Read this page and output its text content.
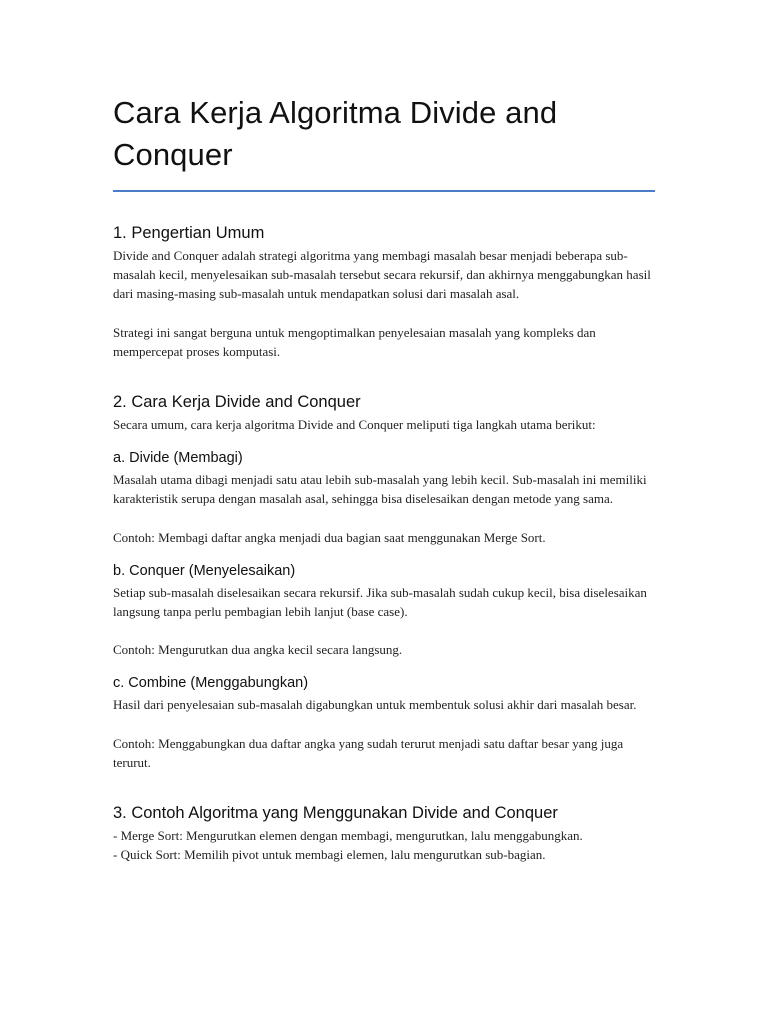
Cara Kerja Algoritma Divide and Conquer
1. Pengertian Umum

Divide and Conquer adalah strategi algoritma yang membagi masalah besar menjadi beberapa sub-masalah kecil, menyelesaikan sub-masalah tersebut secara rekursif, dan akhirnya menggabungkan hasil dari masing-masing sub-masalah untuk mendapatkan solusi dari masalah asal.

Strategi ini sangat berguna untuk mengoptimalkan penyelesaian masalah yang kompleks dan mempercepat proses komputasi.

2. Cara Kerja Divide and Conquer

Secara umum, cara kerja algoritma Divide and Conquer meliputi tiga langkah utama berikut:

a. Divide (Membagi)

Masalah utama dibagi menjadi satu atau lebih sub-masalah yang lebih kecil. Sub-masalah ini memiliki karakteristik serupa dengan masalah asal, sehingga bisa diselesaikan dengan metode yang sama.

Contoh: Membagi daftar angka menjadi dua bagian saat menggunakan Merge Sort.

b. Conquer (Menyelesaikan)

Setiap sub-masalah diselesaikan secara rekursif. Jika sub-masalah sudah cukup kecil, bisa diselesaikan langsung tanpa perlu pembagian lebih lanjut (base case).

Contoh: Mengurutkan dua angka kecil secara langsung.

c. Combine (Menggabungkan)

Hasil dari penyelesaian sub-masalah digabungkan untuk membentuk solusi akhir dari masalah besar.

Contoh: Menggabungkan dua daftar angka yang sudah terurut menjadi satu daftar besar yang juga terurut.

3. Contoh Algoritma yang Menggunakan Divide and Conquer

- Merge Sort: Mengurutkan elemen dengan membagi, mengurutkan, lalu menggabungkan.

- Quick Sort: Memilih pivot untuk membagi elemen, lalu mengurutkan sub-bagian.
